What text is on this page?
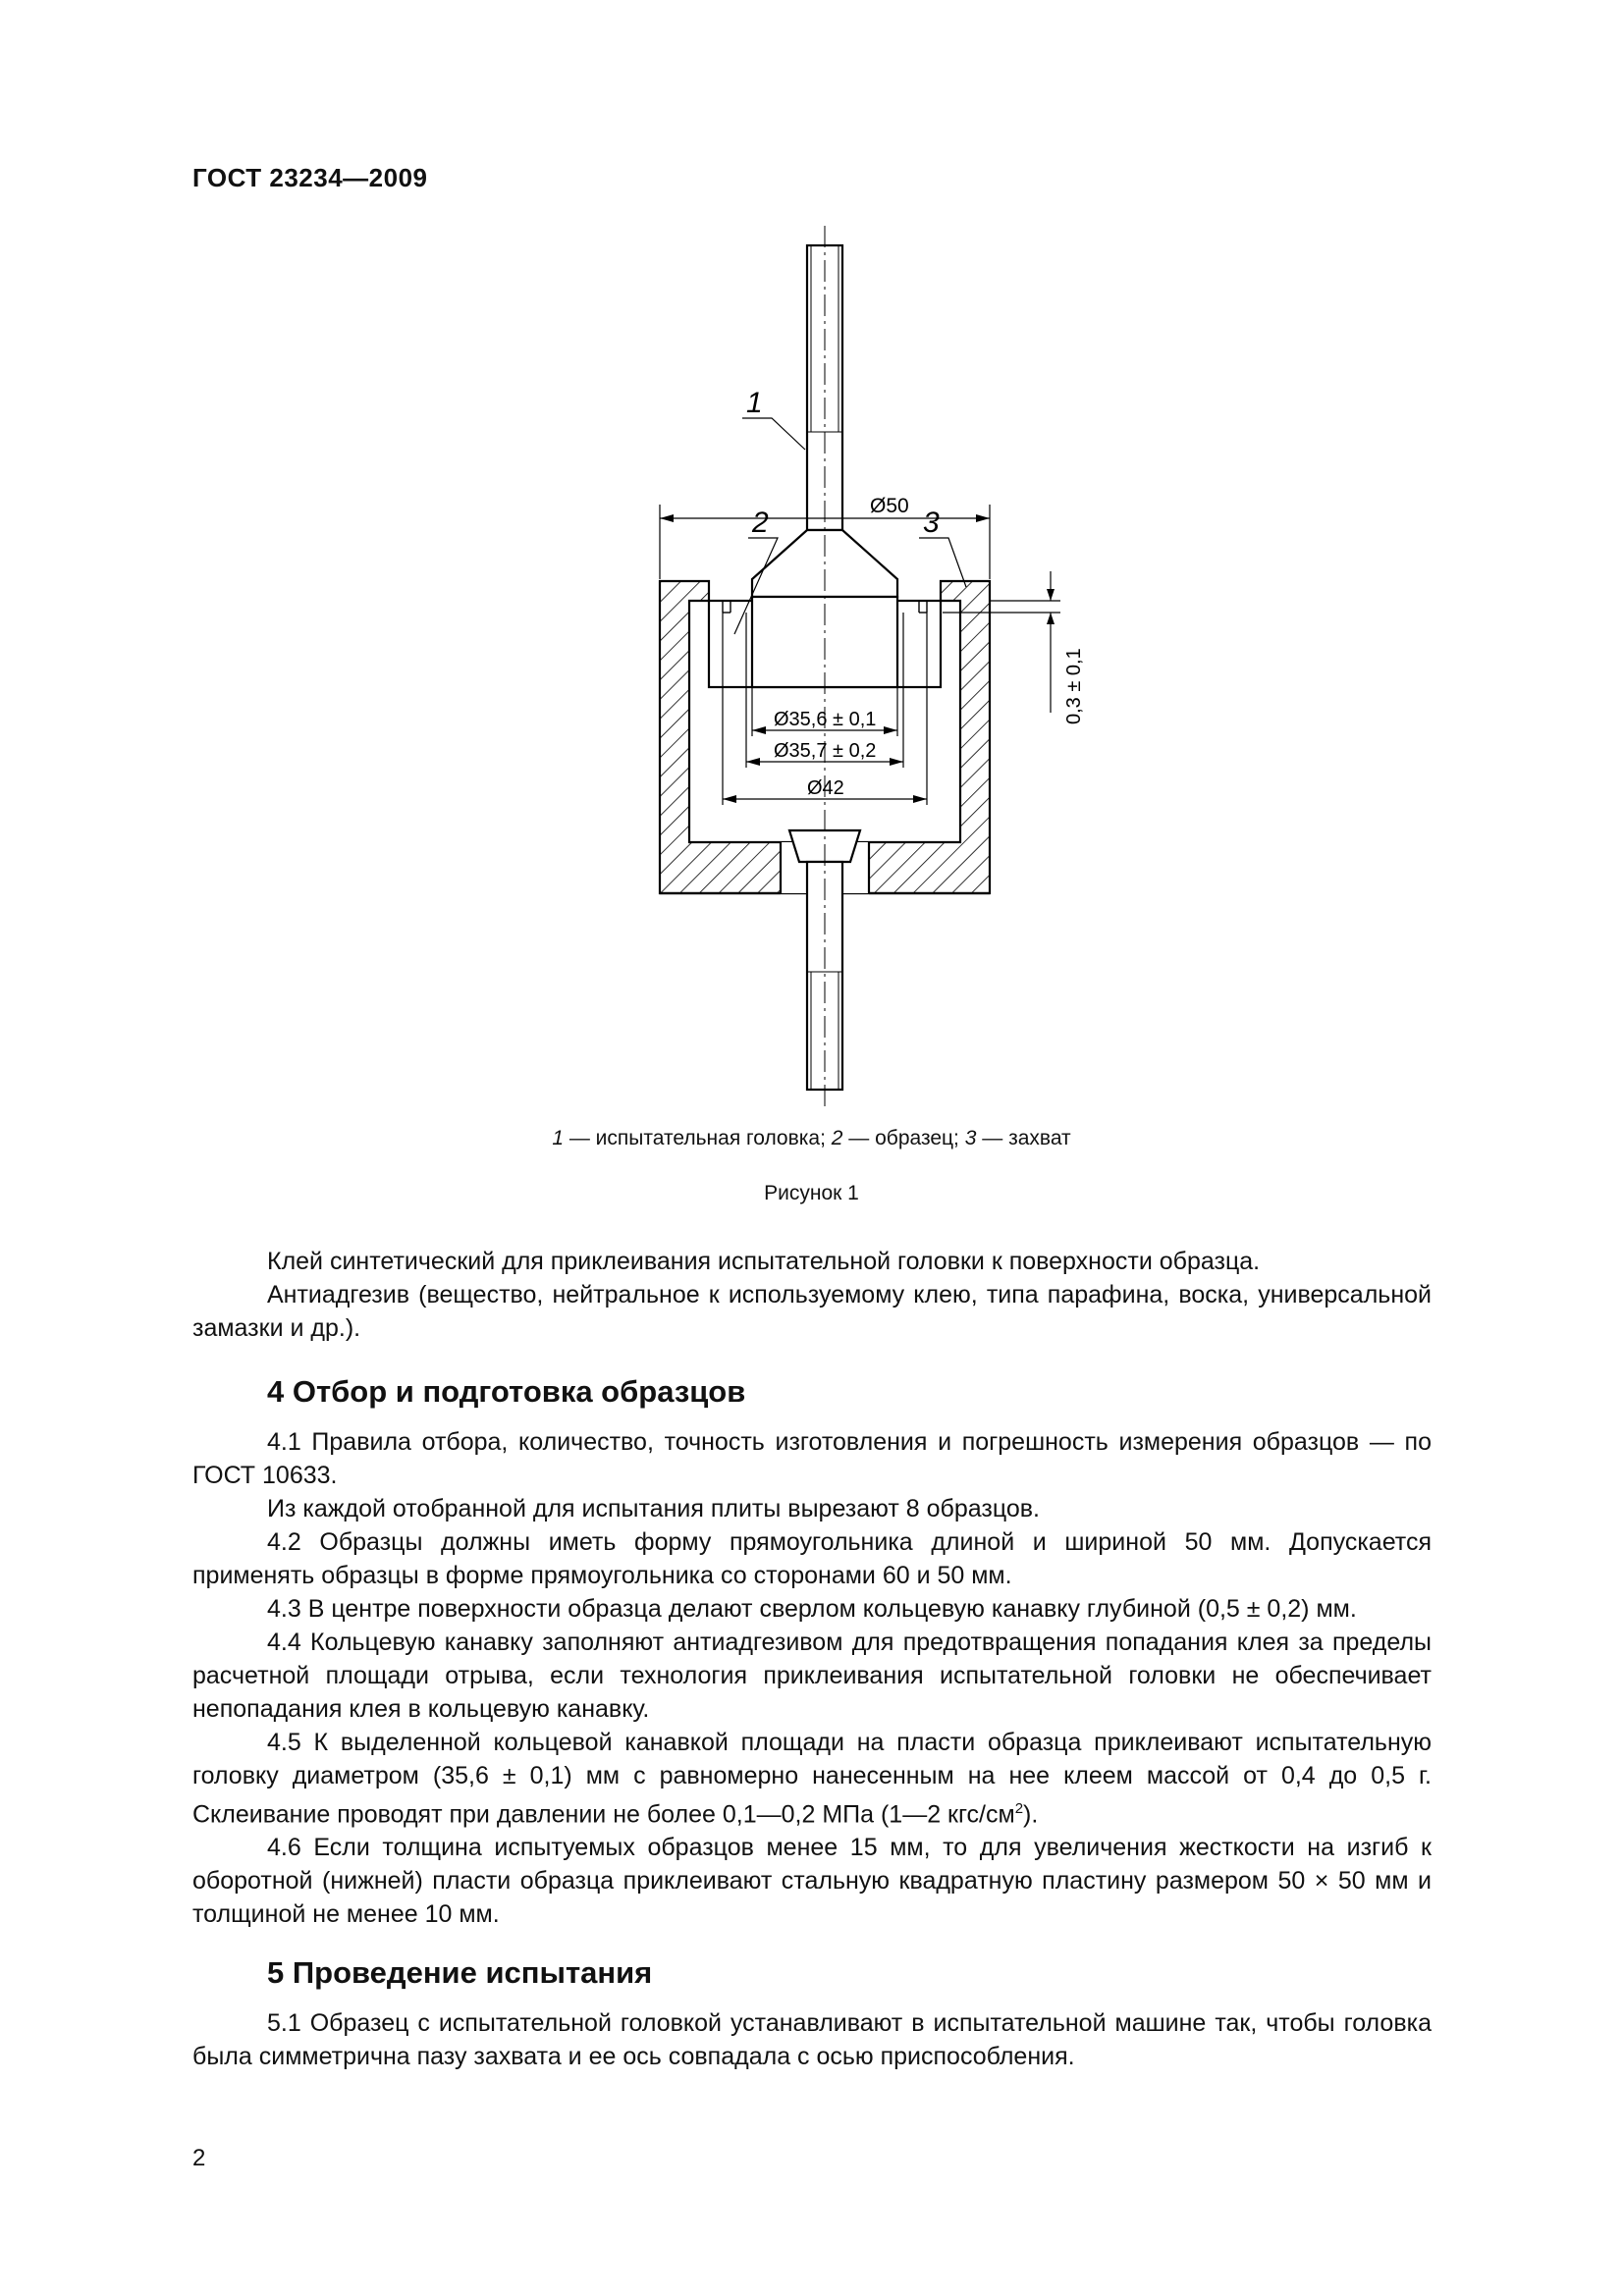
ГОСТ 23234—2009
1
2	3
Ø50
Ø35,6 ± 0,1
Ø35,7 ± 0,2
Ø42
0,3 ± 0,1
1 — испытательная головка; 2 — образец; 3 — захват
Рисунок 1

Клей синтетический для приклеивания испытательной головки к поверхности образца.

Антиадгезив (вещество, нейтральное к используемому клею, типа парафина, воска, универсальной замазки и др.).

4 Отбор и подготовка образцов

4.1 Правила отбора, количество, точность изготовления и погрешность измерения образцов — по ГОСТ 10633.

Из каждой отобранной для испытания плиты вырезают 8 образцов.

4.2 Образцы должны иметь форму прямоугольника длиной и шириной 50 мм. Допускается применять образцы в форме прямоугольника со сторонами 60 и 50 мм.

4.3 В центре поверхности образца делают сверлом кольцевую канавку глубиной (0,5 ± 0,2) мм.

4.4 Кольцевую канавку заполняют антиадгезивом для предотвращения попадания клея за пределы расчетной площади отрыва, если технология приклеивания испытательной головки не обеспечивает непопадания клея в кольцевую канавку.

4.5 К выделенной кольцевой канавкой площади на пласти образца приклеивают испытательную головку диаметром (35,6 ± 0,1) мм с равномерно нанесенным на нее клеем массой от 0,4 до 0,5 г. Склеивание проводят при давлении не более 0,1—0,2 МПа (1—2 кгс/$см^2$).

4.6 Если толщина испытуемых образцов менее 15 мм, то для увеличения жесткости на изгиб к оборотной (нижней) пласти образца приклеивают стальную квадратную пластину размером 50 × 50 мм и толщиной не менее 10 мм.

5 Проведение испытания

5.1 Образец с испытательной головкой устанавливают в испытательной машине так, чтобы головка была симметрична пазу захвата и ее ось совпадала с осью приспособления.

2
